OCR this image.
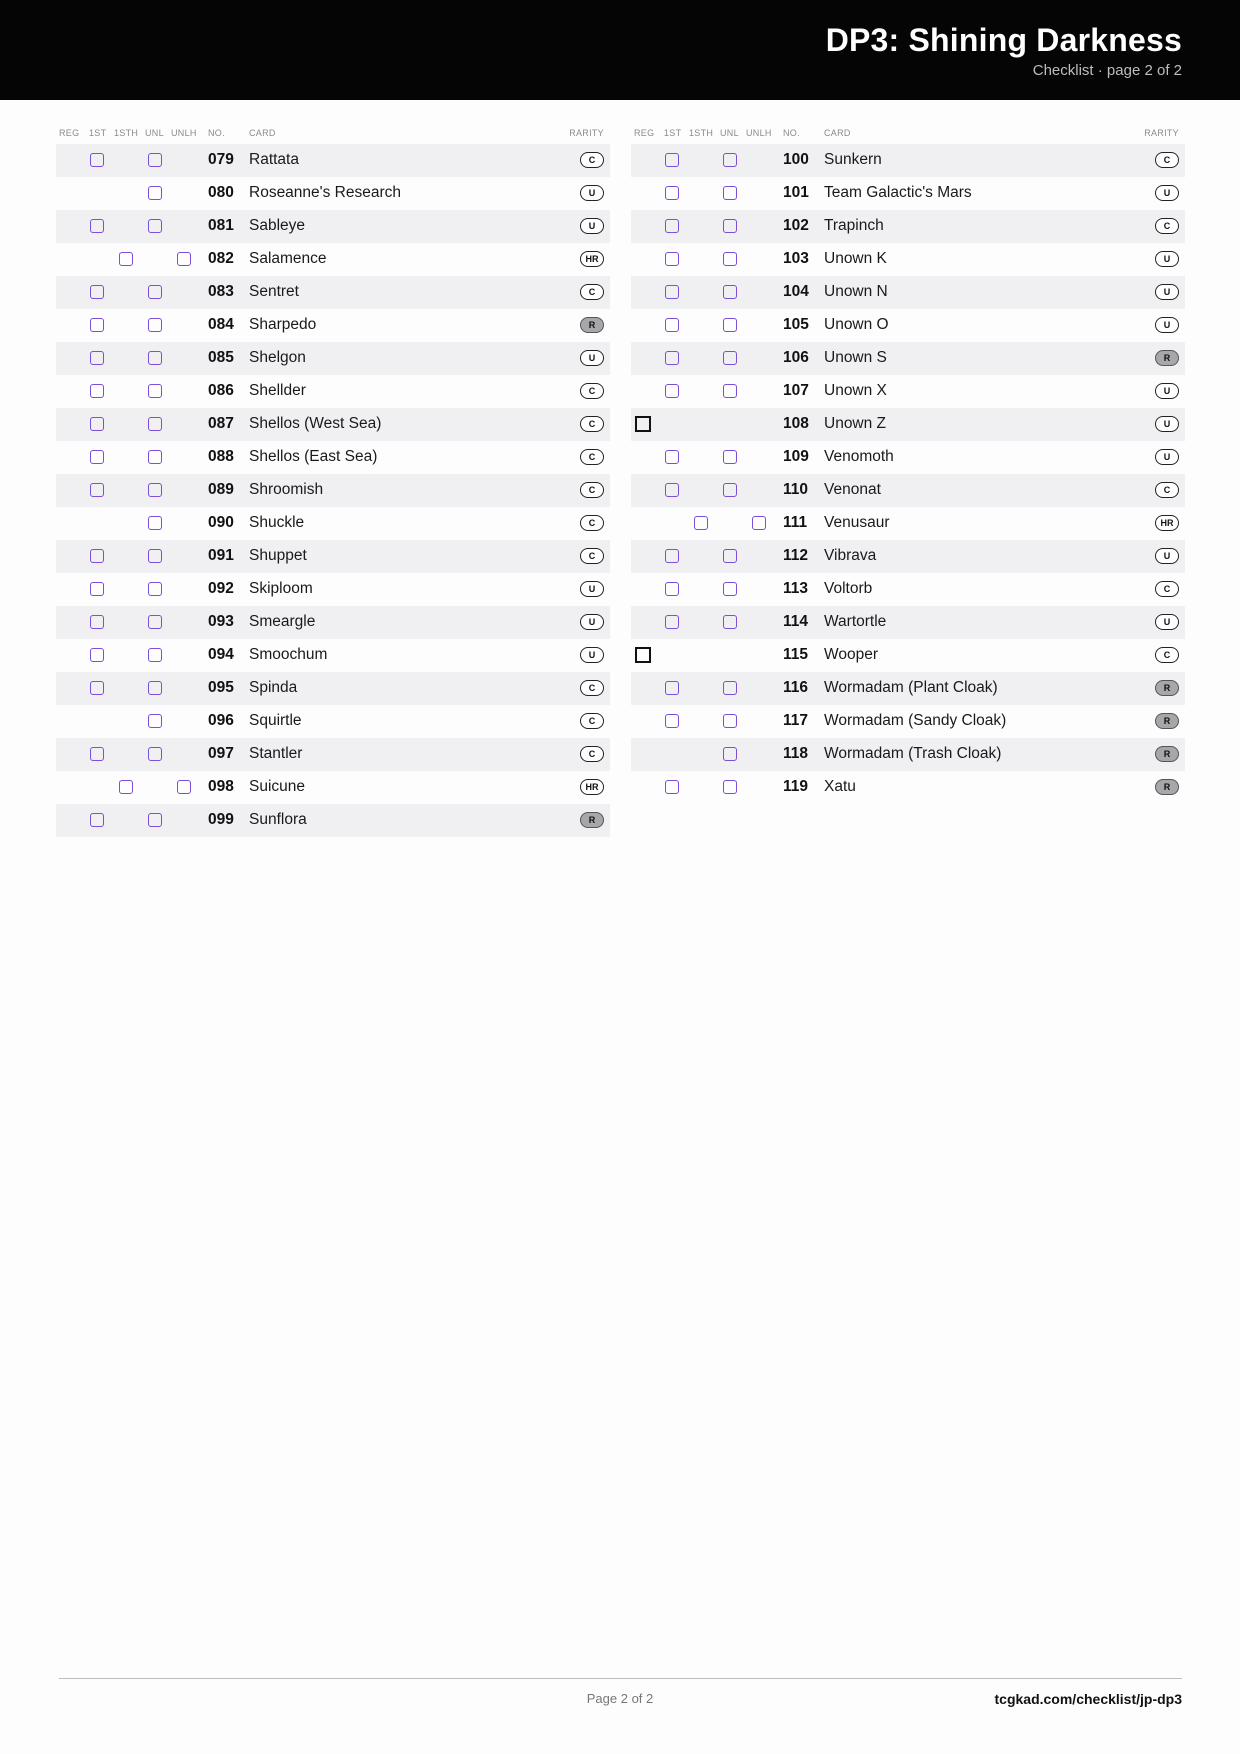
DP3: Shining Darkness
Checklist · page 2 of 2
REG 1ST 1STH UNL UNLH NO.	CARD	RARITY
079 Rattata	C
080 Roseanne's Research	U
081 Sableye	U
082 Salamence	HR
083 Sentret	C
084 Sharpedo	R
085 Shelgon	U
086 Shellder	C
087 Shellos (West Sea)	C
088 Shellos (East Sea)	C
089 Shroomish	C
090 Shuckle	C
091 Shuppet	C
092 Skiploom	U
093 Smeargle	U
094 Smoochum	U
095 Spinda	C
096 Squirtle	C
097 Stantler	C
098 Suicune	HR
099 Sunflora	R
REG 1ST 1STH UNL UNLH NO.	CARD	RARITY
100 Sunkern	C
101 Team Galactic's Mars	U
102 Trapinch	C
103 Unown K	U
104 Unown N	U
105 Unown O	U
106 Unown S	R
107 Unown X	U
108 Unown Z	U
109 Venomoth	U
110 Venonat	C
111 Venusaur	HR
112 Vibrava	U
113 Voltorb	C
114 Wartortle	U
115 Wooper	C
116 Wormadam (Plant Cloak)	R
117 Wormadam (Sandy Cloak)	R
118 Wormadam (Trash Cloak)	R
119 Xatu	R
Page 2 of 2	tcgkad.com/checklist/jp-dp3
